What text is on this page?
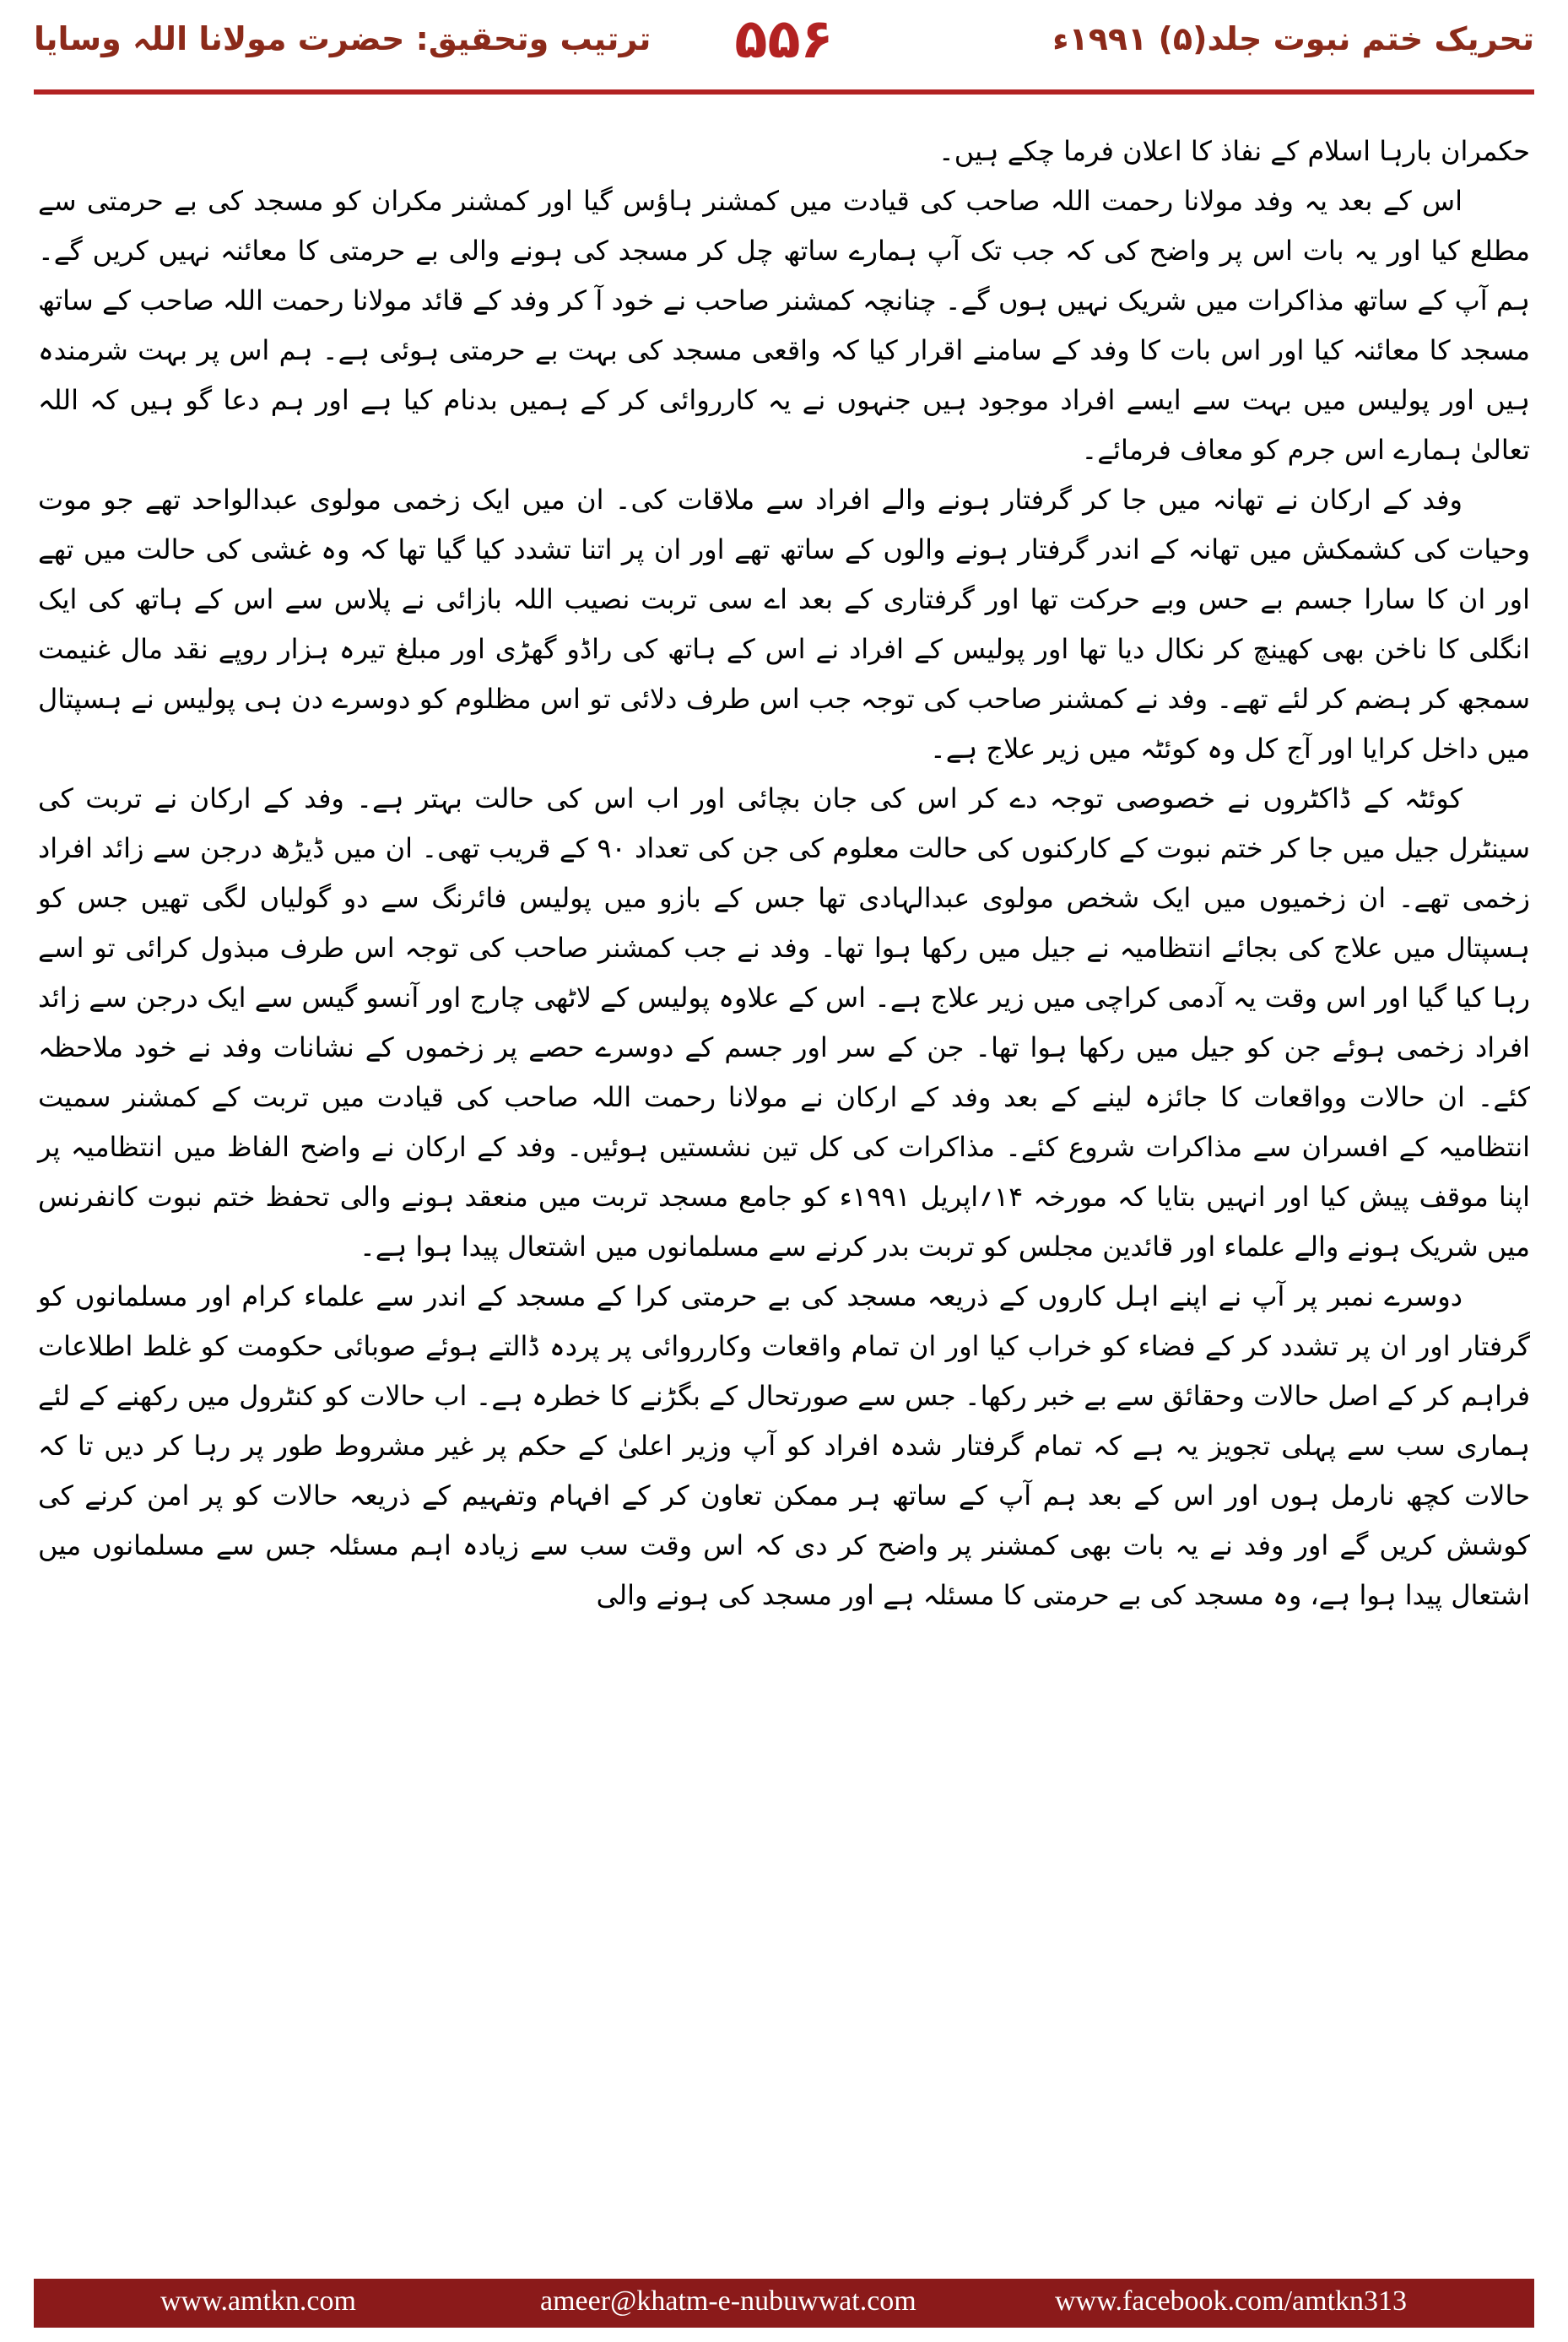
ترتیب وتحقیق: حضرت مولانا اللہ وسایا	۵۵۶	تحریک ختم نبوت جلد(۵) ۱۹۹۱ء

حکمران بارہا اسلام کے نفاذ کا اعلان فرما چکے ہیں۔

اس کے بعد یہ وفد مولانا رحمت اللہ صاحب کی قیادت میں کمشنر ہاؤس گیا اور کمشنر مکران کو مسجد کی بے حرمتی سے مطلع کیا اور یہ بات اس پر واضح کی کہ جب تک آپ ہمارے ساتھ چل کر مسجد کی ہونے والی بے حرمتی کا معائنہ نہیں کریں گے۔ ہم آپ کے ساتھ مذاکرات میں شریک نہیں ہوں گے۔ چنانچہ کمشنر صاحب نے خود آ کر وفد کے قائد مولانا رحمت اللہ صاحب کے ساتھ مسجد کا معائنہ کیا اور اس بات کا وفد کے سامنے اقرار کیا کہ واقعی مسجد کی بہت بے حرمتی ہوئی ہے۔ ہم اس پر بہت شرمندہ ہیں اور پولیس میں بہت سے ایسے افراد موجود ہیں جنہوں نے یہ کارروائی کر کے ہمیں بدنام کیا ہے اور ہم دعا گو ہیں کہ اللہ تعالیٰ ہمارے اس جرم کو معاف فرمائے۔

وفد کے ارکان نے تھانہ میں جا کر گرفتار ہونے والے افراد سے ملاقات کی۔ ان میں ایک زخمی مولوی عبدالواحد تھے جو موت وحیات کی کشمکش میں تھانہ کے اندر گرفتار ہونے والوں کے ساتھ تھے اور ان پر اتنا تشدد کیا گیا تھا کہ وہ غشی کی حالت میں تھے اور ان کا سارا جسم بے حس وبے حرکت تھا اور گرفتاری کے بعد اے سی تربت نصیب اللہ بازائی نے پلاس سے اس کے ہاتھ کی ایک انگلی کا ناخن بھی کھینچ کر نکال دیا تھا اور پولیس کے افراد نے اس کے ہاتھ کی راڈو گھڑی اور مبلغ تیرہ ہزار روپے نقد مال غنیمت سمجھ کر ہضم کر لئے تھے۔ وفد نے کمشنر صاحب کی توجہ جب اس طرف دلائی تو اس مظلوم کو دوسرے دن ہی پولیس نے ہسپتال میں داخل کرایا اور آج کل وہ کوئٹہ میں زیر علاج ہے۔

کوئٹہ کے ڈاکٹروں نے خصوصی توجہ دے کر اس کی جان بچائی اور اب اس کی حالت بہتر ہے۔ وفد کے ارکان نے تربت کی سینٹرل جیل میں جا کر ختم نبوت کے کارکنوں کی حالت معلوم کی جن کی تعداد ۹۰ کے قریب تھی۔ ان میں ڈیڑھ درجن سے زائد افراد زخمی تھے۔ ان زخمیوں میں ایک شخص مولوی عبدالہادی تھا جس کے بازو میں پولیس فائرنگ سے دو گولیاں لگی تھیں جس کو ہسپتال میں علاج کی بجائے انتظامیہ نے جیل میں رکھا ہوا تھا۔ وفد نے جب کمشنر صاحب کی توجہ اس طرف مبذول کرائی تو اسے رہا کیا گیا اور اس وقت یہ آدمی کراچی میں زیر علاج ہے۔ اس کے علاوہ پولیس کے لاٹھی چارج اور آنسو گیس سے ایک درجن سے زائد افراد زخمی ہوئے جن کو جیل میں رکھا ہوا تھا۔ جن کے سر اور جسم کے دوسرے حصے پر زخموں کے نشانات وفد نے خود ملاحظہ کئے۔ ان حالات وواقعات کا جائزہ لینے کے بعد وفد کے ارکان نے مولانا رحمت اللہ صاحب کی قیادت میں تربت کے کمشنر سمیت انتظامیہ کے افسران سے مذاکرات شروع کئے۔ مذاکرات کی کل تین نشستیں ہوئیں۔ وفد کے ارکان نے واضح الفاظ میں انتظامیہ پر اپنا موقف پیش کیا اور انہیں بتایا کہ مورخہ ۱۴؍اپریل ۱۹۹۱ء کو جامع مسجد تربت میں منعقد ہونے والی تحفظ ختم نبوت کانفرنس میں شریک ہونے والے علماء اور قائدین مجلس کو تربت بدر کرنے سے مسلمانوں میں اشتعال پیدا ہوا ہے۔

دوسرے نمبر پر آپ نے اپنے اہل کاروں کے ذریعہ مسجد کی بے حرمتی کرا کے مسجد کے اندر سے علماء کرام اور مسلمانوں کو گرفتار اور ان پر تشدد کر کے فضاء کو خراب کیا اور ان تمام واقعات وکارروائی پر پردہ ڈالتے ہوئے صوبائی حکومت کو غلط اطلاعات فراہم کر کے اصل حالات وحقائق سے بے خبر رکھا۔ جس سے صورتحال کے بگڑنے کا خطرہ ہے۔ اب حالات کو کنٹرول میں رکھنے کے لئے ہماری سب سے پہلی تجویز یہ ہے کہ تمام گرفتار شدہ افراد کو آپ وزیر اعلیٰ کے حکم پر غیر مشروط طور پر رہا کر دیں تا کہ حالات کچھ نارمل ہوں اور اس کے بعد ہم آپ کے ساتھ ہر ممکن تعاون کر کے افہام وتفہیم کے ذریعہ حالات کو پر امن کرنے کی کوشش کریں گے اور وفد نے یہ بات بھی کمشنر پر واضح کر دی کہ اس وقت سب سے زیادہ اہم مسئلہ جس سے مسلمانوں میں اشتعال پیدا ہوا ہے، وہ مسجد کی بے حرمتی کا مسئلہ ہے اور مسجد کی ہونے والی

www.amtkn.com	ameer@khatm-e-nubuwwat.com	www.facebook.com/amtkn313
